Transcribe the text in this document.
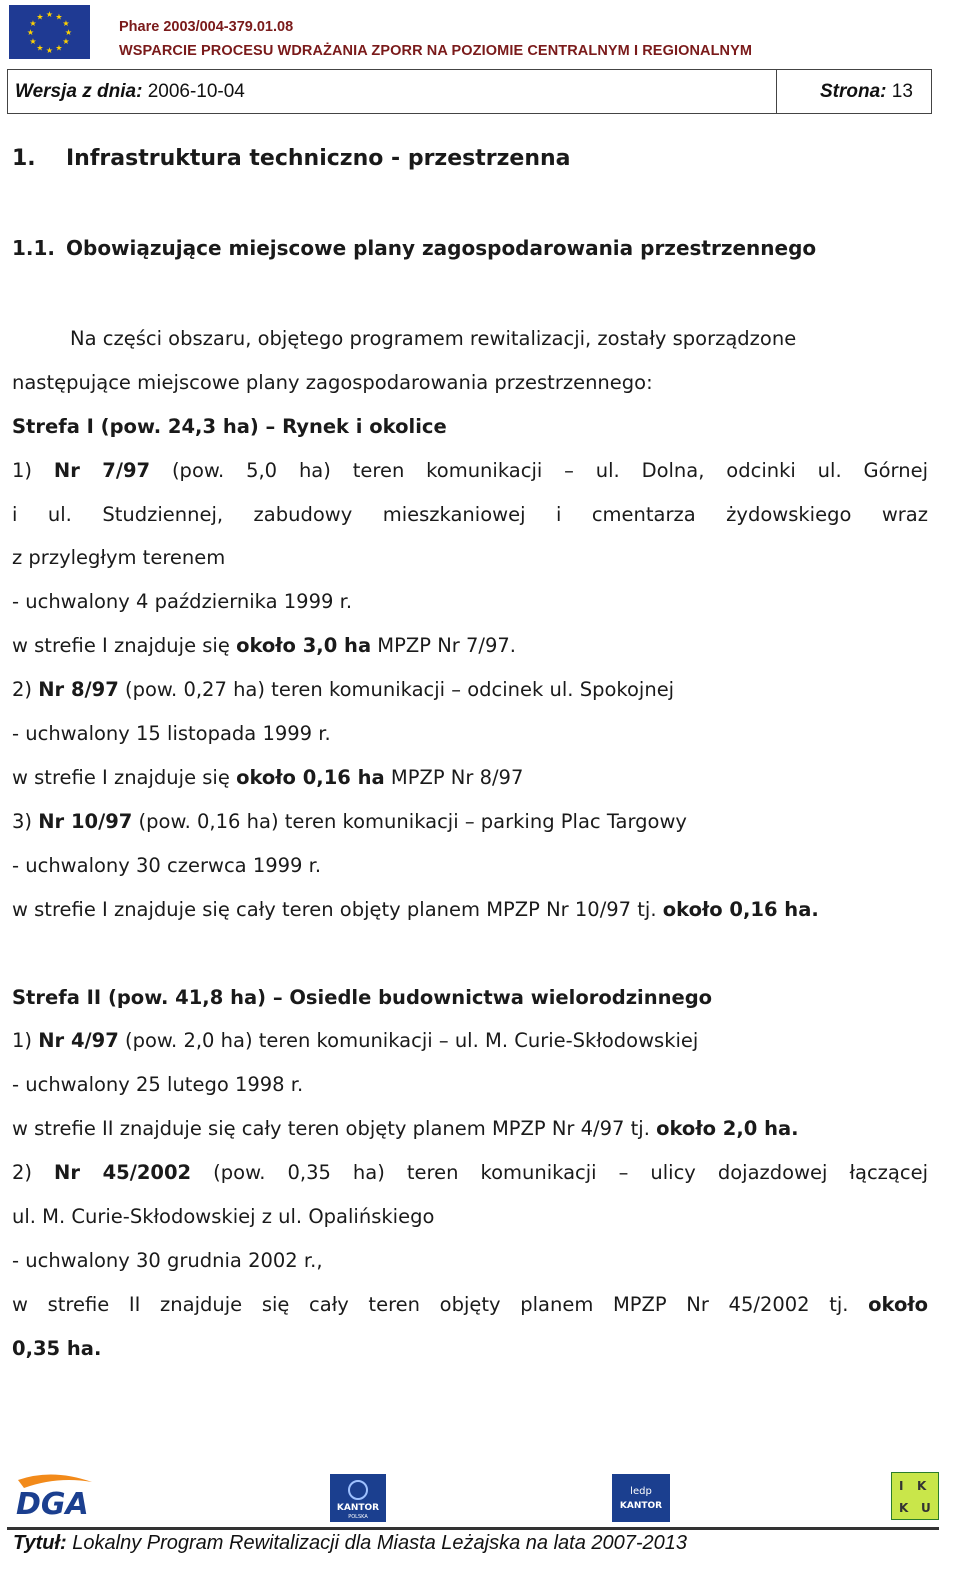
★ ★
★
★
★
★
★
★
★
★
★
★
Phare 2003/004-379.01.08
WSPARCIE PROCESU WDRAŻANIA ZPORR NA POZIOMIE CENTRALNYM I REGIONALNYM
Wersja z dnia: 2006-10-04	Strona: 13
1. Infrastruktura techniczno - przestrzenna
1.1. Obowiązujące miejscowe plany zagospodarowania przestrzennego
Na części obszaru, objętego programem rewitalizacji, zostały sporządzone
następujące miejscowe plany zagospodarowania przestrzennego:
Strefa I (pow. 24,3 ha) – Rynek i okolice
1) Nr 7/97 (pow. 5,0 ha) teren komunikacji – ul. Dolna, odcinki ul. Górnej
i ul. Studziennej, zabudowy mieszkaniowej i cmentarza żydowskiego wraz
z przyległym terenem
- uchwalony 4 października 1999 r.
w strefie I znajduje się około 3,0 ha MPZP Nr 7/97.
2) Nr 8/97 (pow. 0,27 ha) teren komunikacji – odcinek ul. Spokojnej
- uchwalony 15 listopada 1999 r.
w strefie I znajduje się około 0,16 ha MPZP Nr 8/97
3) Nr 10/97 (pow. 0,16 ha) teren komunikacji – parking Plac Targowy
- uchwalony 30 czerwca 1999 r.
w strefie I znajduje się cały teren objęty planem MPZP Nr 10/97 tj. około 0,16 ha.
Strefa II (pow. 41,8 ha) – Osiedle budownictwa wielorodzinnego
1) Nr 4/97 (pow. 2,0 ha) teren komunikacji – ul. M. Curie-Skłodowskiej
- uchwalony 25 lutego 1998 r.
w strefie II znajduje się cały teren objęty planem MPZP Nr 4/97 tj. około 2,0 ha.
2) Nr 45/2002 (pow. 0,35 ha) teren komunikacji – ulicy dojazdowej łączącej
ul. M. Curie-Skłodowskiej z ul. Opalińskiego
- uchwalony 30 grudnia 2002 r.,
w strefie II znajduje się cały teren objęty planem MPZP Nr 45/2002 tj. około
0,35 ha.
DGA	KANTOR
POLSKA
ledp
KANTOR
I K
K U
Tytuł: Lokalny Program Rewitalizacji dla Miasta Leżajska na lata 2007-2013
